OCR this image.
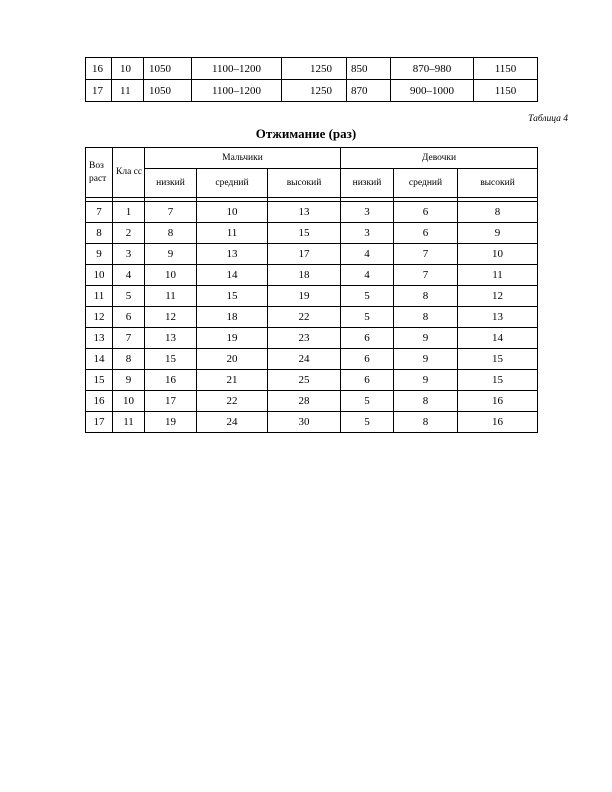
16	10	1050	1100–1200	1250	850	870–980	1150
17	11	1050	1100–1200	1250	870	900–1000	1150
Таблица 4
Отжимание (раз)
Воз раст	Кла сс	Мальчики			Девочки		
		низкий	средний	высокий	низкий	средний	высокий

7	1	7	10	13	3	6	8
8	2	8	11	15	3	6	9
9	3	9	13	17	4	7	10
10	4	10	14	18	4	7	11
11	5	11	15	19	5	8	12
12	6	12	18	22	5	8	13
13	7	13	19	23	6	9	14
14	8	15	20	24	6	9	15
15	9	16	21	25	6	9	15
16	10	17	22	28	5	8	16
17	11	19	24	30	5	8	16
